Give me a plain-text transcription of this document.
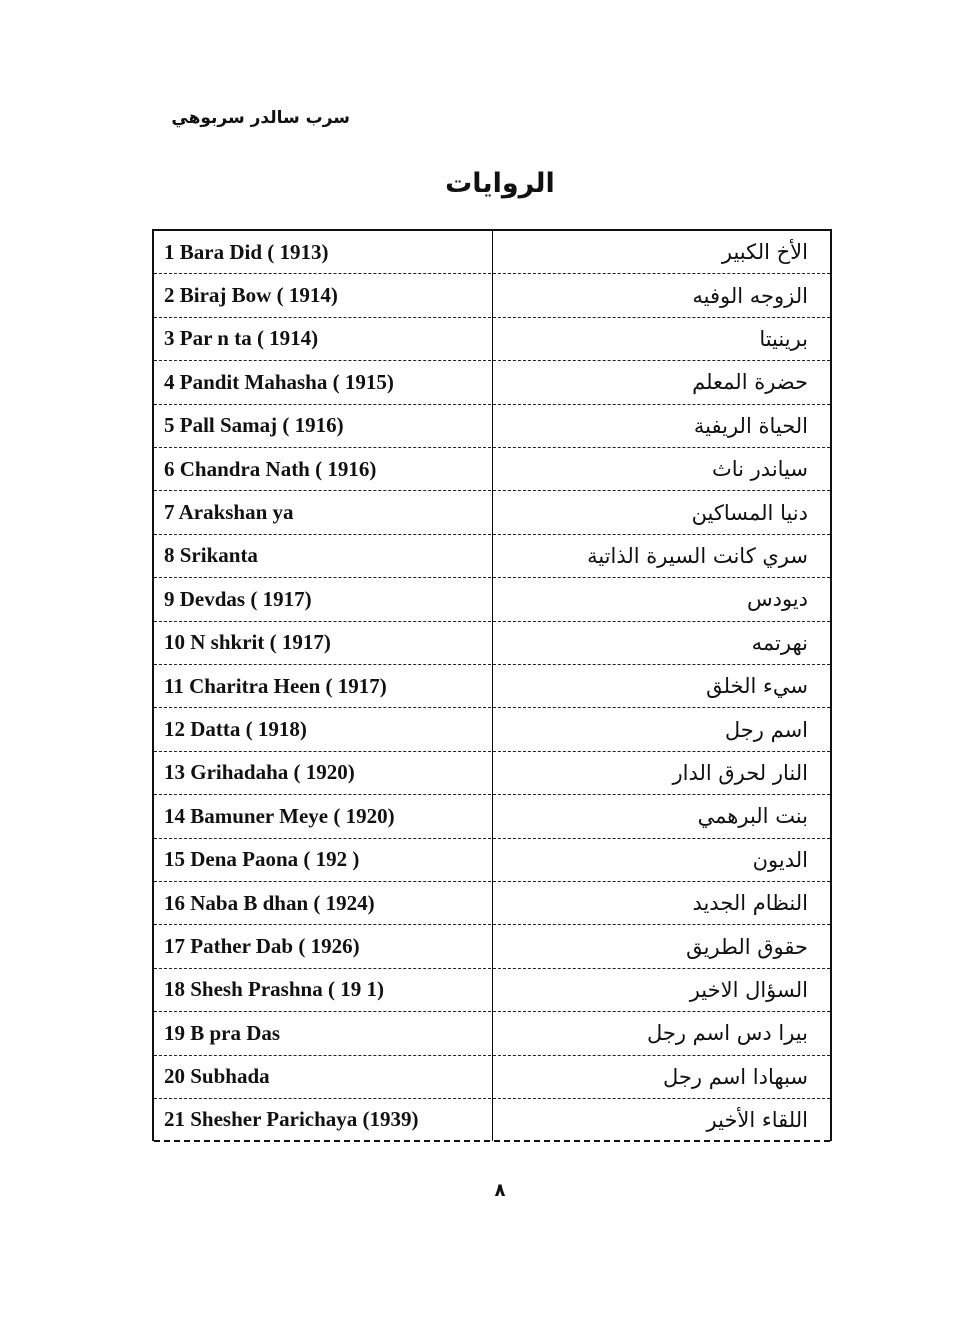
سرب سالدر سربوهي
الروايات
1 Bara Did ( 1913)	الأخ الكبير
2 Biraj Bow ( 1914)	الزوجه الوفيه
3 Par n ta ( 1914)	برينيتا
4 Pandit Mahasha ( 1915)	حضرة المعلم
5 Pall Samaj ( 1916)	الحياة الريفية
6 Chandra Nath ( 1916)	سياندر ناث
7 Arakshan ya	دنيا المساكين
8 Srikanta	سري كانت السيرة الذاتية
9 Devdas ( 1917)	ديودس
10 N shkrit ( 1917)	نهرتمه
11 Charitra Heen ( 1917)	سيء الخلق
12 Datta ( 1918)	اسم رجل
13 Grihadaha ( 1920)	النار لحرق الدار
14 Bamuner Meye ( 1920)	بنت البرهمي
15 Dena Paona ( 192 )	الديون
16 Naba B dhan ( 1924)	النظام الجديد
17 Pather Dab ( 1926)	حقوق الطريق
18 Shesh Prashna ( 19 1)	السؤال الاخير
19 B pra Das	بيرا دس اسم رجل
20 Subhada	سبهادا اسم رجل
21 Shesher Parichaya (1939)	اللقاء الأخير
٨
